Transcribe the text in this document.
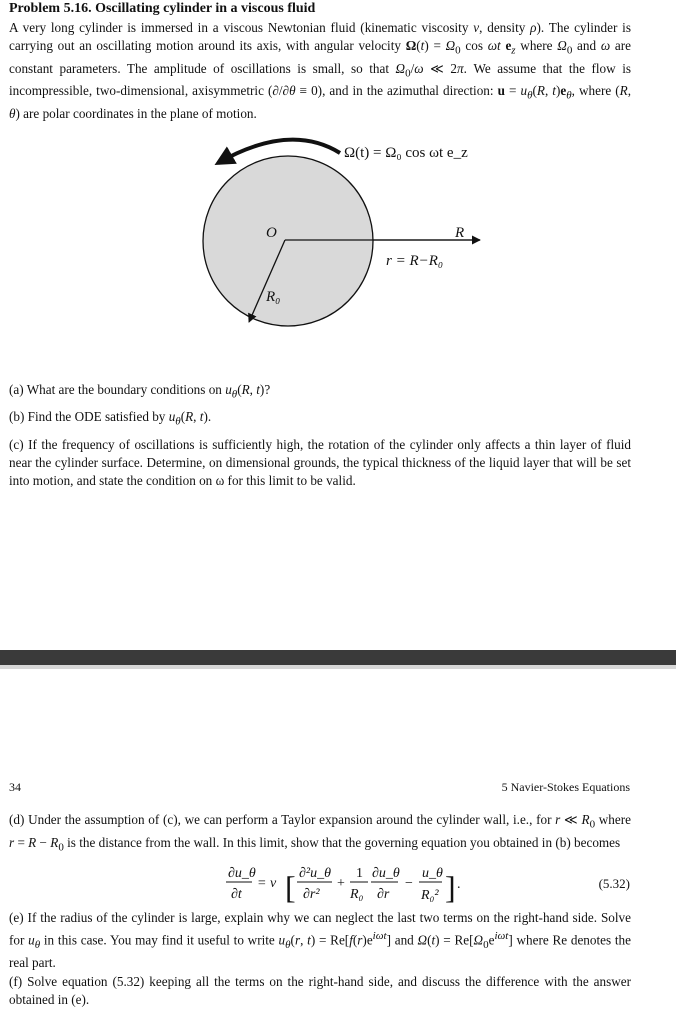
Problem 5.16. Oscillating cylinder in a viscous fluid

A very long cylinder is immersed in a viscous Newtonian fluid (kinematic viscosity ν, density ρ). The cylinder is carrying out an oscillating motion around its axis, with angular velocity $\Omega(t) = \Omega_0$ cos ωt $e_z$ where $\Omega_0$ and ω are constant parameters. The amplitude of oscillations is small, so that $\Omega_0/\omega$ ≪ 2π. We assume that the flow is incompressible, two-dimensional, axisymmetric (∂/∂θ ≡ 0), and in the azimuthal direction: $u = u_\theta(R$, $t)e_\theta$, where (R, θ) are polar coordinates in the plane of motion.

Ω(t) = Ω₀ cos ωt e_z
O	R
r = R−R₀
R₀

(a) What are the boundary conditions on $u_\theta(R$, t)?

(b) Find the ODE satisfied by $u_\theta(R$, t).

(c) If the frequency of oscillations is sufficiently high, the rotation of the cylinder only affects a thin layer of fluid near the cylinder surface. Determine, on dimensional grounds, the typical thickness of the liquid layer that will be set into motion, and state the condition on ω for this limit to be valid.

34	5 Navier-Stokes Equations

(d) Under the assumption of (c), we can perform a Taylor expansion around the cylinder wall, i.e., for r ≪ $R_0$ where $r = R - R_0$ is the distance from the wall. In this limit, show that the governing equation you obtained in (b) becomes

∂u_θ
∂t
= ν [ ∂²u_θ
∂r²
+
1
R₀
∂u_θ
∂r
−
u_θ
R₀² ] .	(5.32)

(e) If the radius of the cylinder is large, explain why we can neglect the last two terms on the right-hand side. Solve for $u_\theta$ in this case. You may find it useful to write $u_\theta(r$, $t) = Re[f(r)e^{i\omega t}]$ and $\Omega(t) = Re[\Omega_0e^{i\omega t}]$ where Re denotes the real part.

(f) Solve equation (5.32) keeping all the terms on the right-hand side, and discuss the difference with the answer obtained in (e).
